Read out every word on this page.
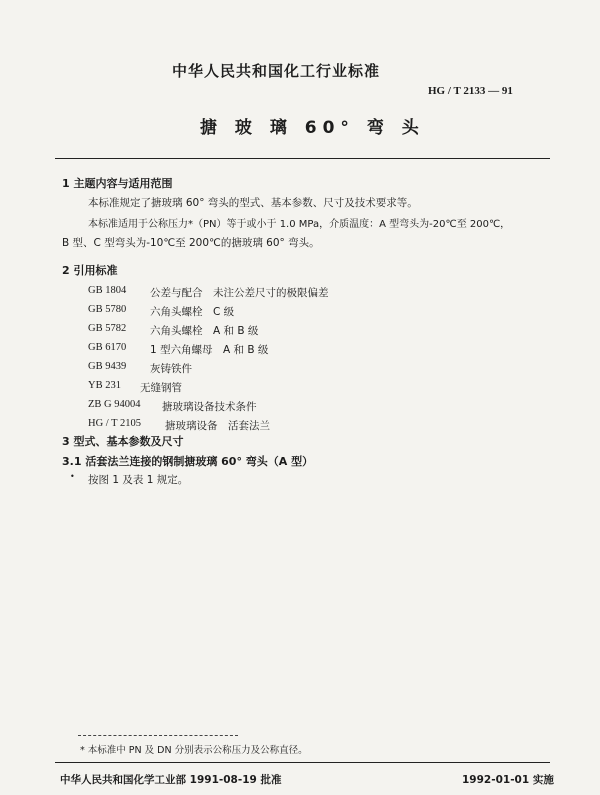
中华人民共和国化工行业标准
HG / T 2133 — 91
搪 玻 璃 60° 弯 头
1 主题内容与适用范围
本标准规定了搪玻璃 60° 弯头的型式、基本参数、尺寸及技术要求等。
本标准适用于公称压力*（PN）等于或小于 1.0 MPa，介质温度：A 型弯头为-20℃至 200℃，
B 型、C 型弯头为-10℃至 200℃的搪玻璃 60° 弯头。
2 引用标准
GB 1804 公差与配合　未注公差尺寸的极限偏差
GB 5780 六角头螺栓　C 级
GB 5782 六角头螺栓　A 和 B 级
GB 6170 1 型六角螺母　A 和 B 级
GB 9439 灰铸铁件
YB 231 无缝钢管
ZB G 94004 搪玻璃设备技术条件
HG / T 2105 搪玻璃设备　活套法兰
3 型式、基本参数及尺寸
3.1 活套法兰连接的钢制搪玻璃 60° 弯头（A 型）
• 按图 1 及表 1 规定。
* 本标准中 PN 及 DN 分别表示公称压力及公称直径。
中华人民共和国化学工业部 1991-08-19 批准	1992-01-01 实施
